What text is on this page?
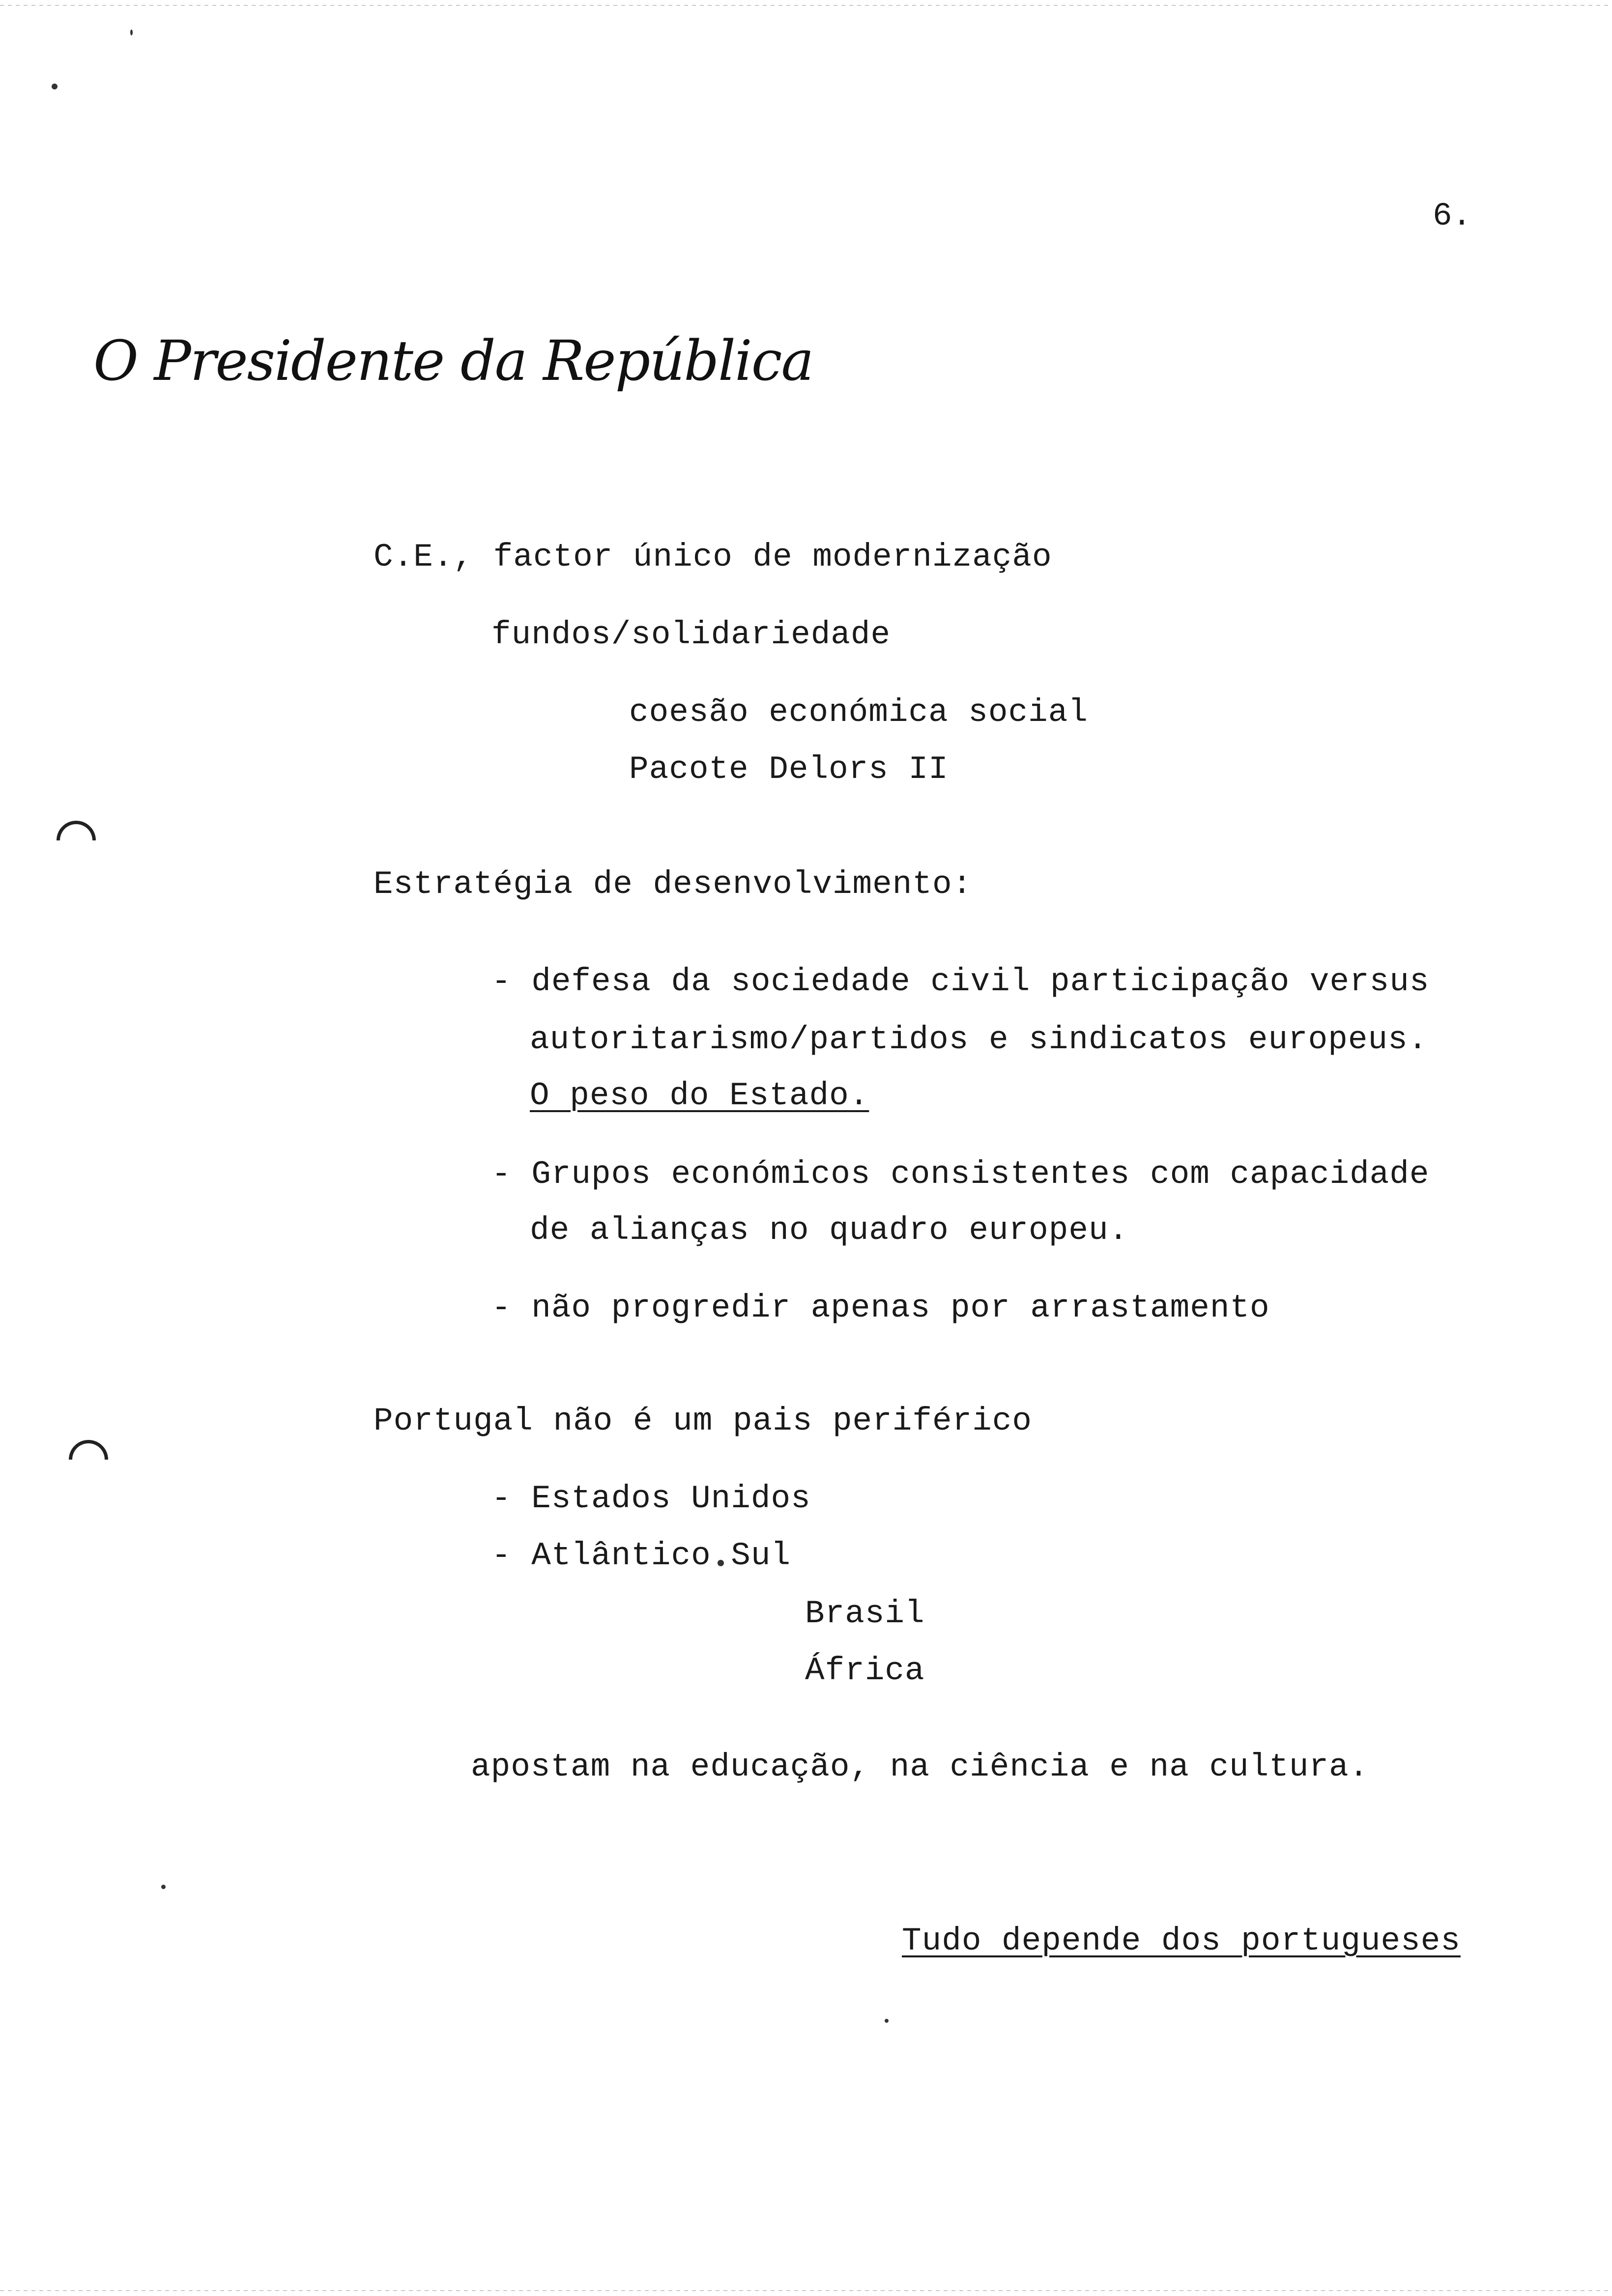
6.
O Presidente da República
C.E., factor único de modernização
fundos/solidariedade
coesão económica social
Pacote Delors II
Estratégia de desenvolvimento:
- defesa da sociedade civil participação versus
autoritarismo/partidos e sindicatos europeus.
O peso do Estado.
- Grupos económicos consistentes com capacidade
de alianças no quadro europeu.
- não progredir apenas por arrastamento
Portugal não é um pais periférico
- Estados Unidos
- Atlântico Sul
Brasil
África
apostam na educação, na ciência e na cultura.
Tudo depende dos portugueses
